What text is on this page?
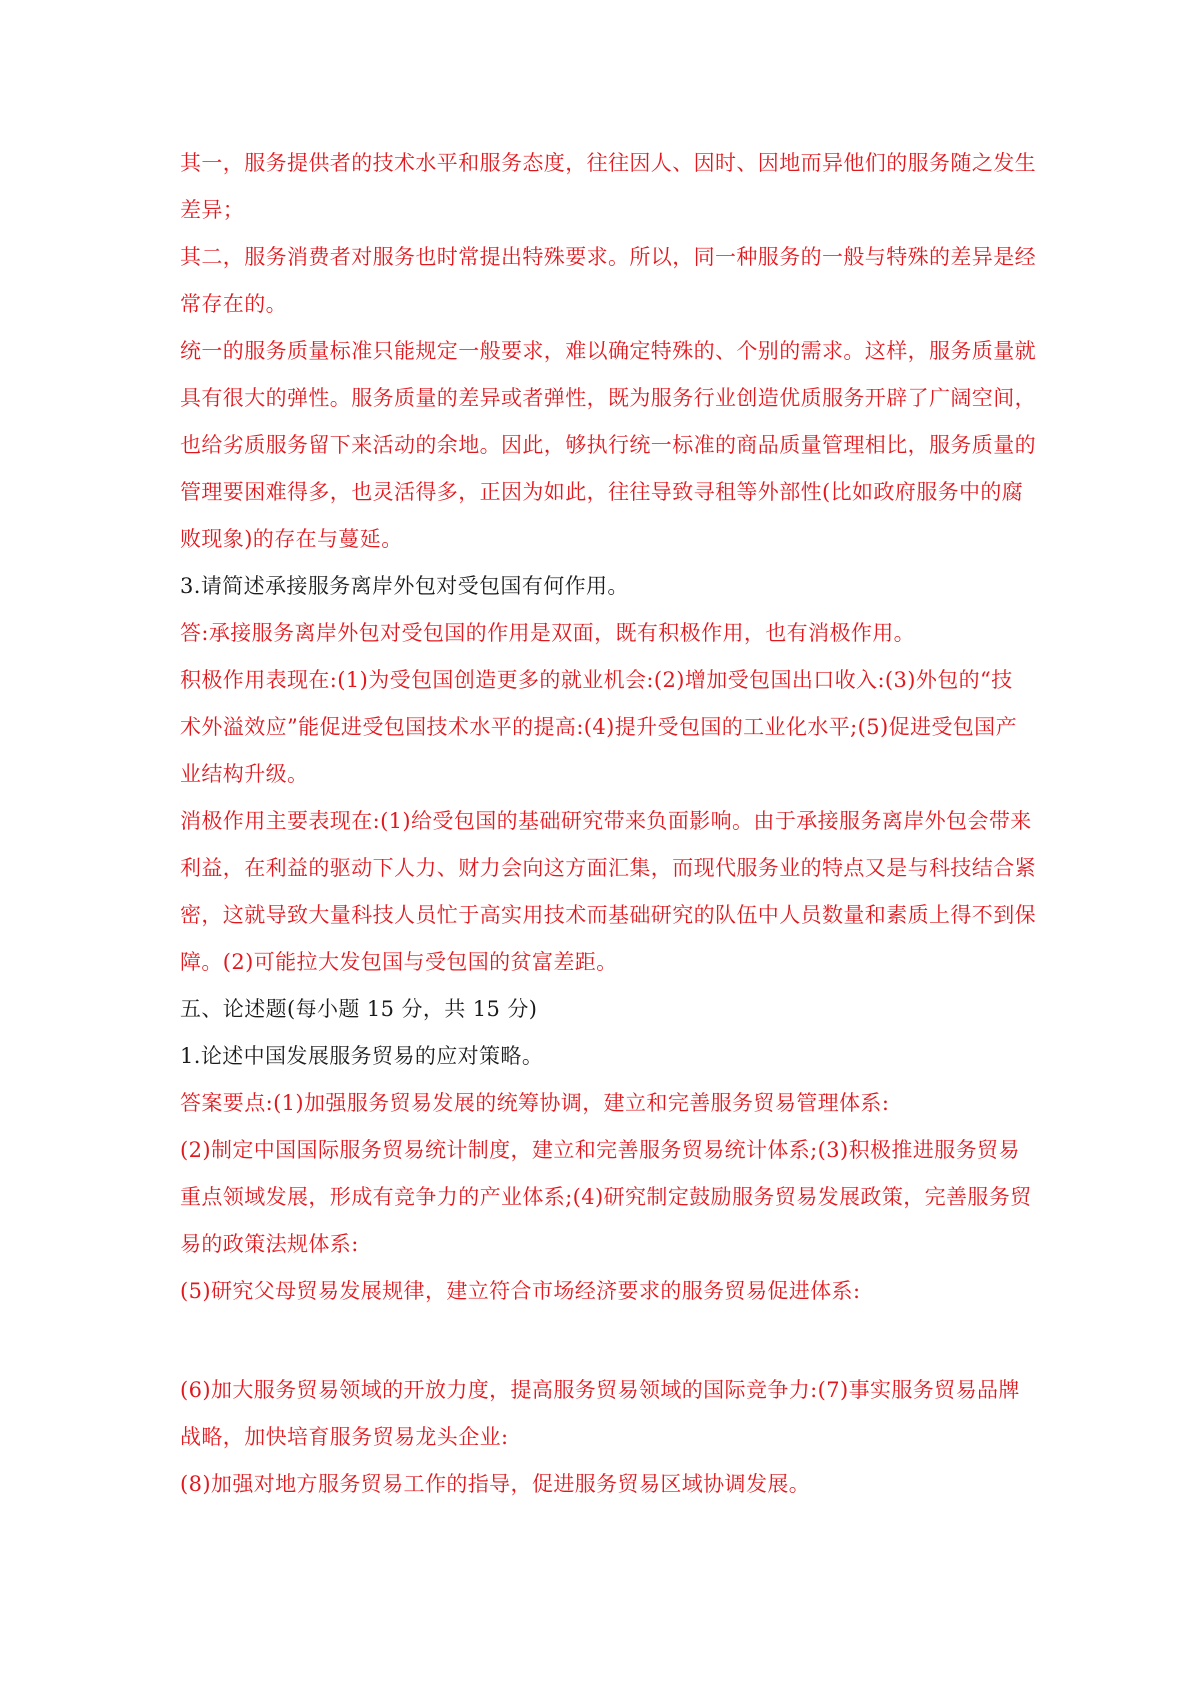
其一，服务提供者的技术水平和服务态度，往往因人、因时、因地而异他们的服务随之发生
差异；
其二，服务消费者对服务也时常提出特殊要求。所以，同一种服务的一般与特殊的差异是经
常存在的。
统一的服务质量标准只能规定一般要求，难以确定特殊的、个别的需求。这样，服务质量就
具有很大的弹性。服务质量的差异或者弹性，既为服务行业创造优质服务开辟了广阔空间，
也给劣质服务留下来活动的余地。因此，够执行统一标准的商品质量管理相比，服务质量的
管理要困难得多，也灵活得多，正因为如此，往往导致寻租等外部性(比如政府服务中的腐
败现象)的存在与蔓延。
3.请简述承接服务离岸外包对受包国有何作用。
答:承接服务离岸外包对受包国的作用是双面，既有积极作用，也有消极作用。
积极作用表现在:(1)为受包国创造更多的就业机会:(2)增加受包国出口收入:(3)外包的“技
术外溢效应”能促进受包国技术水平的提高:(4)提升受包国的工业化水平;(5)促进受包国产
业结构升级。
消极作用主要表现在:(1)给受包国的基础研究带来负面影响。由于承接服务离岸外包会带来
利益，在利益的驱动下人力、财力会向这方面汇集，而现代服务业的特点又是与科技结合紧
密，这就导致大量科技人员忙于高实用技术而基础研究的队伍中人员数量和素质上得不到保
障。(2)可能拉大发包国与受包国的贫富差距。
五、论述题(每小题 15 分，共 15 分)
1.论述中国发展服务贸易的应对策略。
答案要点:(1)加强服务贸易发展的统筹协调，建立和完善服务贸易管理体系:
(2)制定中国国际服务贸易统计制度，建立和完善服务贸易统计体系;(3)积极推进服务贸易
重点领域发展，形成有竞争力的产业体系;(4)研究制定鼓励服务贸易发展政策，完善服务贸
易的政策法规体系:
(5)研究父母贸易发展规律，建立符合市场经济要求的服务贸易促进体系:
(6)加大服务贸易领域的开放力度，提高服务贸易领域的国际竞争力:(7)事实服务贸易品牌
战略，加快培育服务贸易龙头企业:
(8)加强对地方服务贸易工作的指导，促进服务贸易区域协调发展。
